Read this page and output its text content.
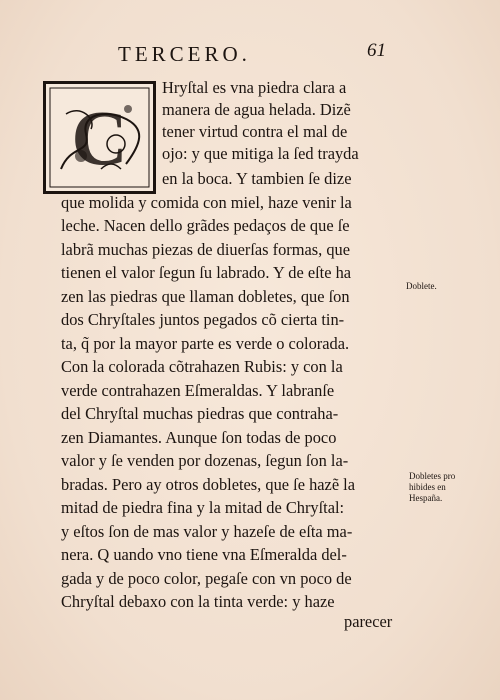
TERCERO.	61
C
Hryſtal es vna piedra clara a
manera de agua helada. Dizẽ
tener virtud contra el mal de
ojo: y que mitiga la ſed trayda
en la boca. Y tambien ſe dize
que molida y comida con miel, haze venir la
leche. Nacen dello grãdes pedaços de que ſe
labrã muchas piezas de diuerſas formas, que
tienen el valor ſegun ſu labrado. Y de eſte ha
zen las piedras que llaman dobletes, que ſon
dos Chryſtales juntos pegados cõ cierta tin-
ta, q̃ por la mayor parte es verde o colorada.
Con la colorada cõtrahazen Rubis: y con la
verde contrahazen Eſmeraldas. Y labranſe
del Chryſtal muchas piedras que contraha-
zen Diamantes. Aunque ſon todas de poco
valor y ſe venden por dozenas, ſegun ſon la-
bradas. Pero ay otros dobletes, que ſe hazẽ la
mitad de piedra fina y la mitad de Chryſtal:
y eſtos ſon de mas valor y hazeſe de eſta ma-
nera. Q uando vno tiene vna Eſmeralda del-
gada y de poco color, pegaſe con vn poco de
Chryſtal debaxo con la tinta verde: y haze
parecer
Doblete.
Dobletes pro
hibides en
Hespaña.
